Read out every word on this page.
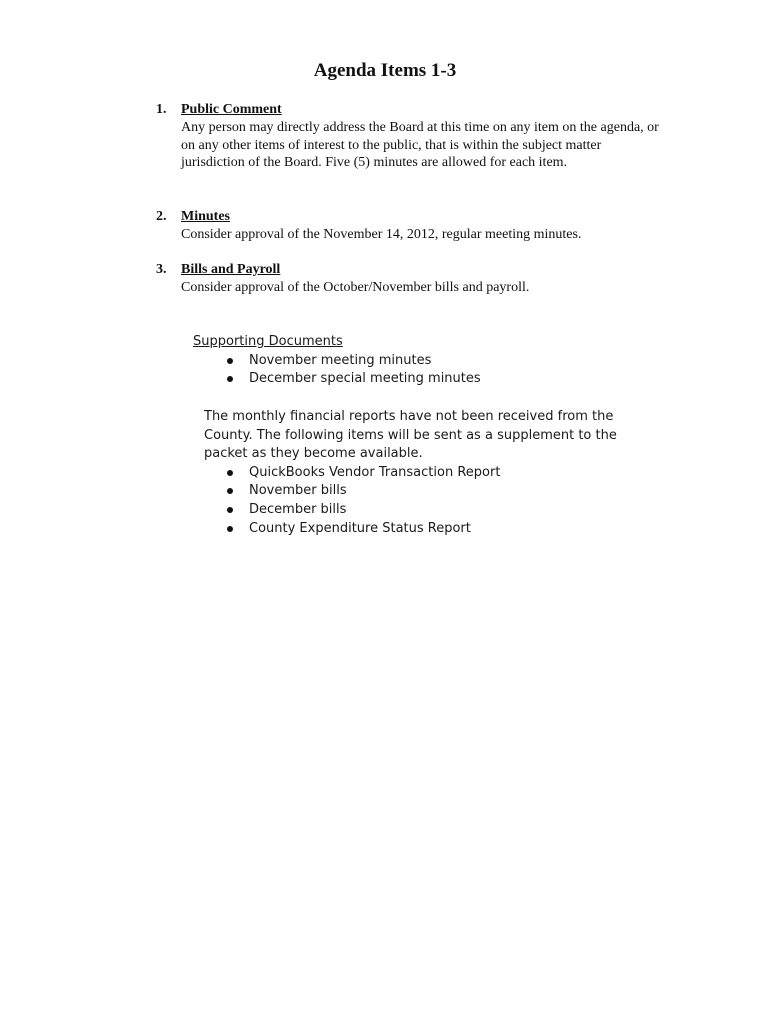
Agenda Items 1-3
1.	Public Comment
Any person may directly address the Board at this time on any item on the agenda, or on any other items of interest to the public, that is within the subject matter jurisdiction of the Board. Five (5) minutes are allowed for each item.
2.	Minutes
Consider approval of the November 14, 2012, regular meeting minutes.
3.	Bills and Payroll
Consider approval of the October/November bills and payroll.
Supporting Documents
November meeting minutes
December special meeting minutes
The monthly financial reports have not been received from the County. The following items will be sent as a supplement to the packet as they become available.
QuickBooks Vendor Transaction Report
November bills
December bills
County Expenditure Status Report
